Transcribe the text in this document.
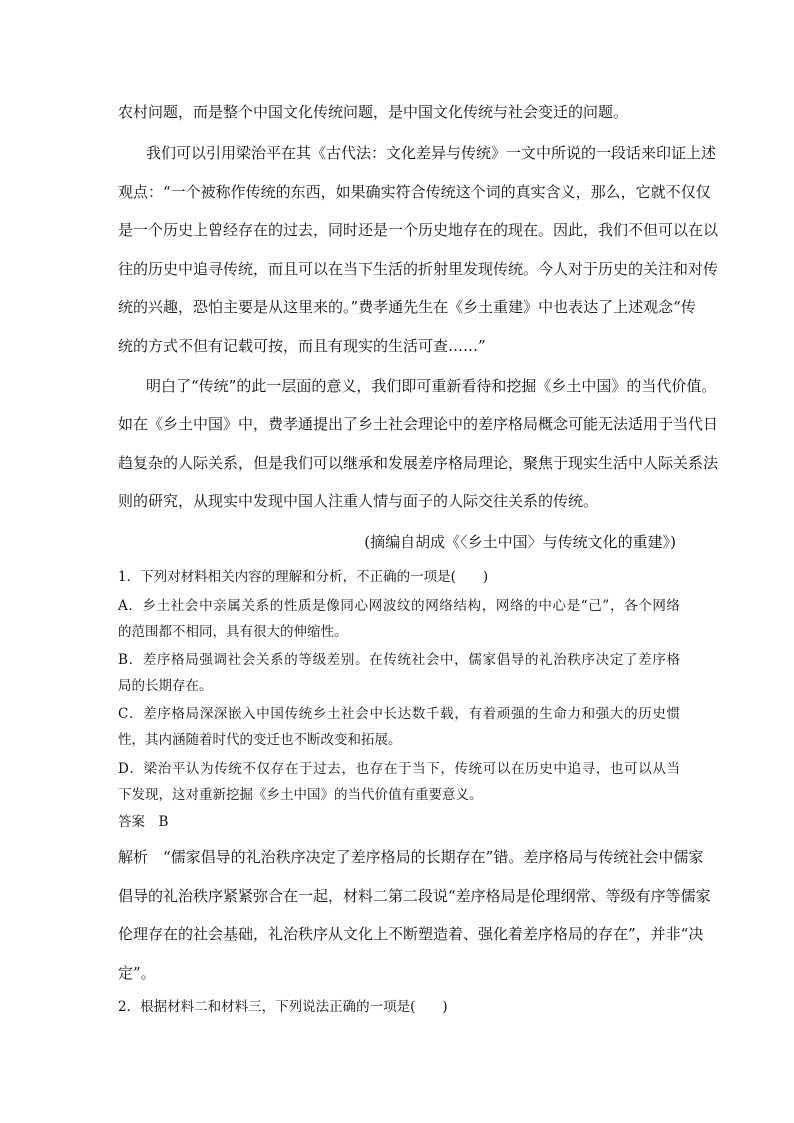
农村问题，而是整个中国文化传统问题，是中国文化传统与社会变迁的问题。
我们可以引用梁治平在其《古代法：文化差异与传统》一文中所说的一段话来印证上述
观点：“一个被称作传统的东西，如果确实符合传统这个词的真实含义，那么，它就不仅仅
是一个历史上曾经存在的过去，同时还是一个历史地存在的现在。因此，我们不但可以在以
往的历史中追寻传统，而且可以在当下生活的折射里发现传统。今人对于历史的关注和对传
统的兴趣，恐怕主要是从这里来的。”费孝通先生在《乡土重建》中也表达了上述观念“传
统的方式不但有记载可按，而且有现实的生活可查……”
明白了“传统”的此一层面的意义，我们即可重新看待和挖掘《乡土中国》的当代价值。
如在《乡土中国》中，费孝通提出了乡土社会理论中的差序格局概念可能无法适用于当代日
趋复杂的人际关系，但是我们可以继承和发展差序格局理论，聚焦于现实生活中人际关系法
则的研究，从现实中发现中国人注重人情与面子的人际交往关系的传统。
(摘编自胡成《〈乡土中国〉与传统文化的重建》)
1．下列对材料相关内容的理解和分析，不正确的一项是(　　)
A．乡土社会中亲属关系的性质是像同心网波纹的网络结构，网络的中心是“己”，各个网络
的范围都不相同，具有很大的伸缩性。
B．差序格局强调社会关系的等级差别。在传统社会中，儒家倡导的礼治秩序决定了差序格
局的长期存在。
C．差序格局深深嵌入中国传统乡土社会中长达数千载，有着顽强的生命力和强大的历史惯
性，其内涵随着时代的变迁也不断改变和拓展。
D．梁治平认为传统不仅存在于过去，也存在于当下，传统可以在历史中追寻，也可以从当
下发现，这对重新挖掘《乡土中国》的当代价值有重要意义。
答案　B
解析　“儒家倡导的礼治秩序决定了差序格局的长期存在”错。差序格局与传统社会中儒家
倡导的礼治秩序紧紧弥合在一起，材料二第二段说“差序格局是伦理纲常、等级有序等儒家
伦理存在的社会基础，礼治秩序从文化上不断塑造着、强化着差序格局的存在”，并非“决
定”。
2．根据材料二和材料三，下列说法正确的一项是(　　)
